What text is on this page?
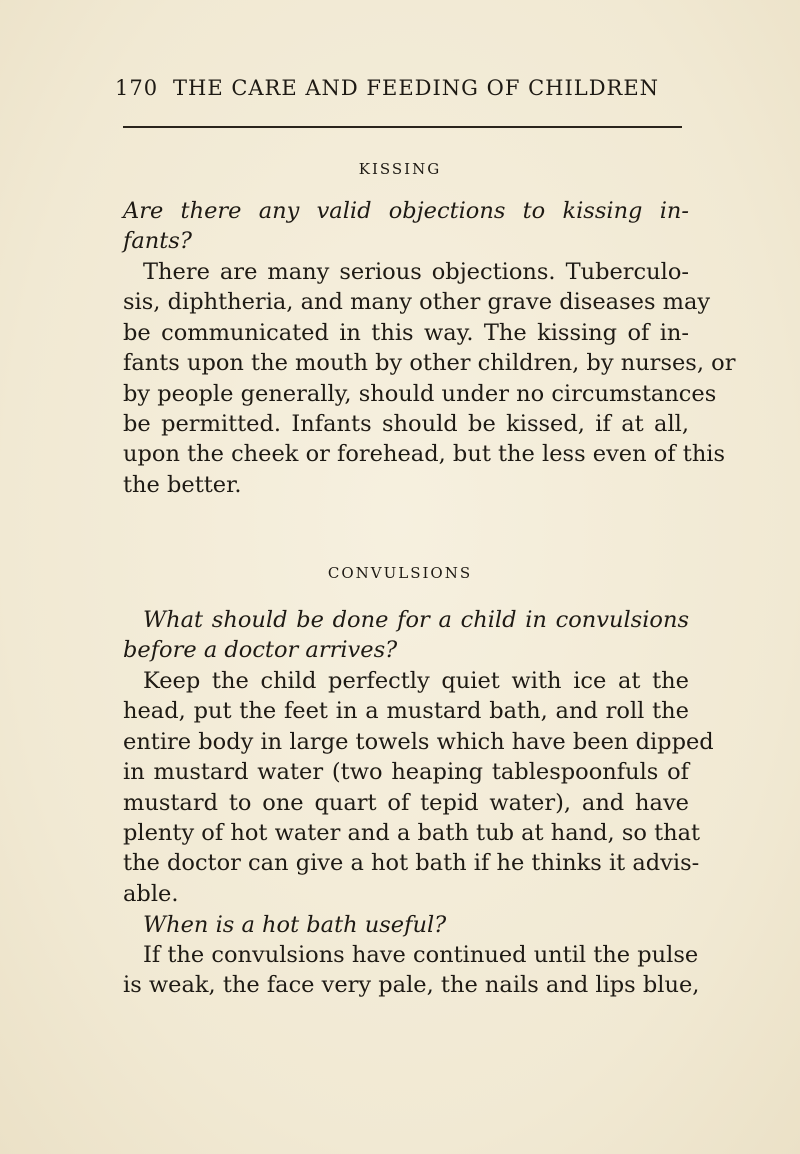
170 THE CARE AND FEEDING OF CHILDREN
KISSING
Are there any valid objections to kissing in-
fants?
There are many serious objections. Tuberculo-
sis, diphtheria, and many other grave diseases may
be communicated in this way. The kissing of in-
fants upon the mouth by other children, by nurses, or
by people generally, should under no circumstances
be permitted. Infants should be kissed, if at all,
upon the cheek or forehead, but the less even of this
the better.
CONVULSIONS
What should be done for a child in convulsions
before a doctor arrives?
Keep the child perfectly quiet with ice at the
head, put the feet in a mustard bath, and roll the
entire body in large towels which have been dipped
in mustard water (two heaping tablespoonfuls of
mustard to one quart of tepid water), and have
plenty of hot water and a bath tub at hand, so that
the doctor can give a hot bath if he thinks it advis-
able.
When is a hot bath useful?
If the convulsions have continued until the pulse
is weak, the face very pale, the nails and lips blue,
